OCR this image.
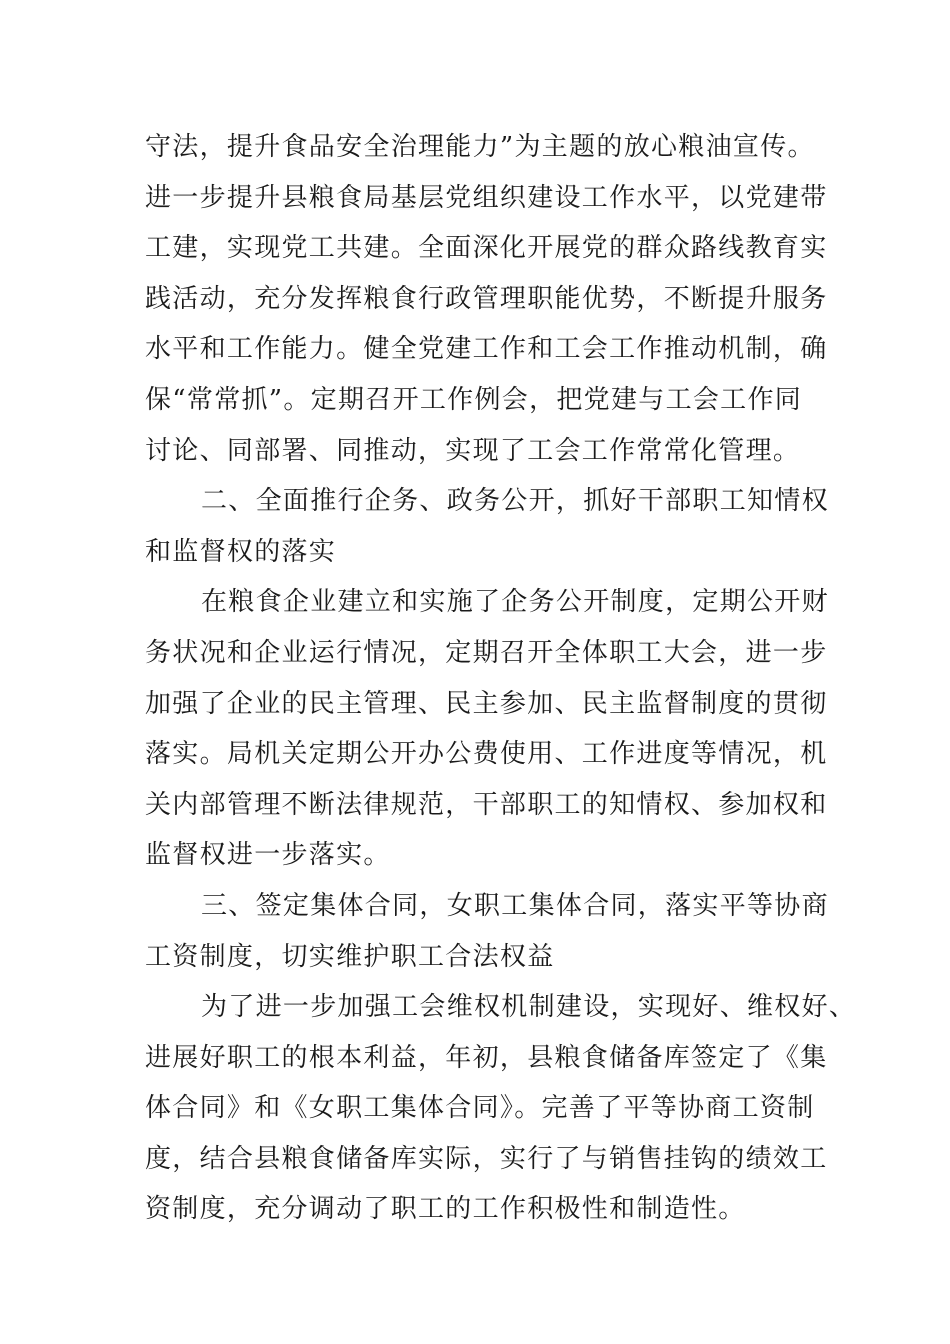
守法，提升食品安全治理能力”为主题的放心粮油宣传。
进一步提升县粮食局基层党组织建设工作水平，以党建带
工建，实现党工共建。全面深化开展党的群众路线教育实
践活动，充分发挥粮食行政管理职能优势，不断提升服务
水平和工作能力。健全党建工作和工会工作推动机制，确
保“常常抓”。定期召开工作例会，把党建与工会工作同
讨论、同部署、同推动，实现了工会工作常常化管理。
二、全面推行企务、政务公开，抓好干部职工知情权
和监督权的落实
在粮食企业建立和实施了企务公开制度，定期公开财
务状况和企业运行情况，定期召开全体职工大会，进一步
加强了企业的民主管理、民主参加、民主监督制度的贯彻
落实。局机关定期公开办公费使用、工作进度等情况，机
关内部管理不断法律规范，干部职工的知情权、参加权和
监督权进一步落实。
三、签定集体合同，女职工集体合同，落实平等协商
工资制度，切实维护职工合法权益
为了进一步加强工会维权机制建设，实现好、维权好、
进展好职工的根本利益，年初，县粮食储备库签定了《集
体合同》和《女职工集体合同》。完善了平等协商工资制
度，结合县粮食储备库实际，实行了与销售挂钩的绩效工
资制度，充分调动了职工的工作积极性和制造性。
